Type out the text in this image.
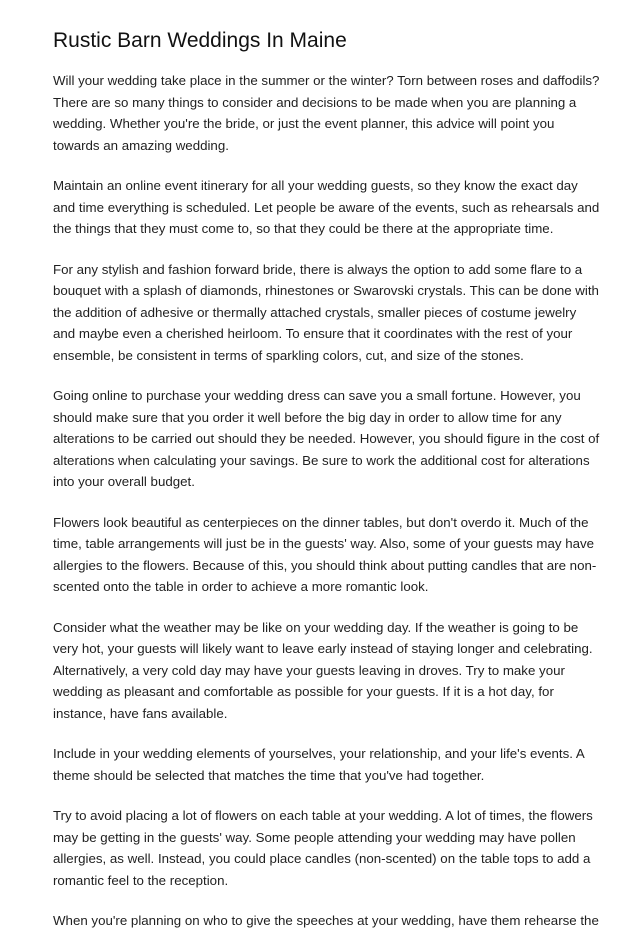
Rustic Barn Weddings In Maine

Will your wedding take place in the summer or the winter? Torn between roses and daffodils?
There are so many things to consider and decisions to be made when you are planning a
wedding. Whether you're the bride, or just the event planner, this advice will point you
towards an amazing wedding.

Maintain an online event itinerary for all your wedding guests, so they know the exact day
and time everything is scheduled. Let people be aware of the events, such as rehearsals and
the things that they must come to, so that they could be there at the appropriate time.

For any stylish and fashion forward bride, there is always the option to add some flare to a
bouquet with a splash of diamonds, rhinestones or Swarovski crystals. This can be done with
the addition of adhesive or thermally attached crystals, smaller pieces of costume jewelry
and maybe even a cherished heirloom. To ensure that it coordinates with the rest of your
ensemble, be consistent in terms of sparkling colors, cut, and size of the stones.

Going online to purchase your wedding dress can save you a small fortune. However, you
should make sure that you order it well before the big day in order to allow time for any
alterations to be carried out should they be needed. However, you should figure in the cost of
alterations when calculating your savings. Be sure to work the additional cost for alterations
into your overall budget.

Flowers look beautiful as centerpieces on the dinner tables, but don't overdo it. Much of the
time, table arrangements will just be in the guests' way. Also, some of your guests may have
allergies to the flowers. Because of this, you should think about putting candles that are non-
scented onto the table in order to achieve a more romantic look.

Consider what the weather may be like on your wedding day. If the weather is going to be
very hot, your guests will likely want to leave early instead of staying longer and celebrating.
Alternatively, a very cold day may have your guests leaving in droves. Try to make your
wedding as pleasant and comfortable as possible for your guests. If it is a hot day, for
instance, have fans available.

Include in your wedding elements of yourselves, your relationship, and your life's events. A
theme should be selected that matches the time that you've had together.

Try to avoid placing a lot of flowers on each table at your wedding. A lot of times, the flowers
may be getting in the guests' way. Some people attending your wedding may have pollen
allergies, as well. Instead, you could place candles (non-scented) on the table tops to add a
romantic feel to the reception.

When you're planning on who to give the speeches at your wedding, have them rehearse the
